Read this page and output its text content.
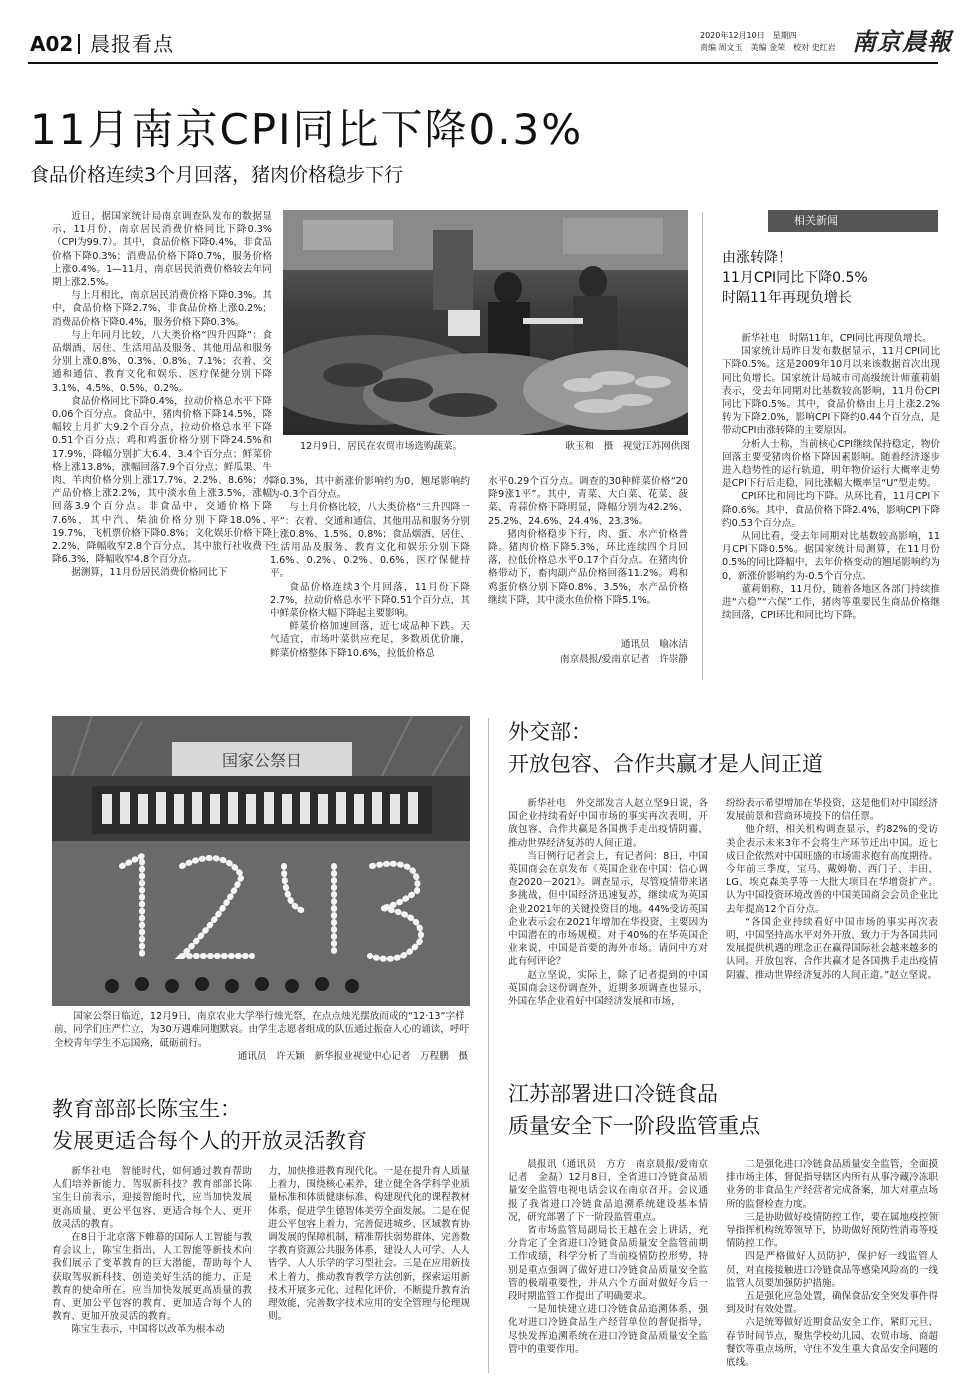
A02 晨报看点	2020年12月10日　星期四
责编 周文玉　美编 金荣　校对 史红岩 南京晨報
11月南京CPI同比下降0.3%
食品价格连续3个月回落，猪肉价格稳步下行

近日，据国家统计局南京调查队发布的数据显示，11月份，南京居民消费价格同比下降0.3%（CPI为99.7）。其中，食品价格下降0.4%，非食品价格下降0.3%；消费品价格下降0.7%，服务价格上涨0.4%。1—11月，南京居民消费价格较去年同期上涨2.5%。

与上月相比，南京居民消费价格下降0.3%。其中，食品价格下降2.7%，非食品价格上涨0.2%；消费品价格下降0.4%，服务价格下降0.3%。

与上年同月比较，八大类价格“四升四降”：食品烟酒、居住、生活用品及服务、其他用品和服务分别上涨0.8%、0.3%、0.8%、7.1%；衣着、交通和通信、教育文化和娱乐、医疗保健分别下降3.1%、4.5%、0.5%、0.2%。

食品价格同比下降0.4%，拉动价格总水平下降0.06个百分点。食品中，猪肉价格下降14.5%，降幅较上月扩大9.2个百分点，拉动价格总水平下降0.51个百分点；鸡和鸡蛋价格分别下降24.5%和17.9%，降幅分别扩大6.4、3.4个百分点；鲜菜价格上涨13.8%，涨幅回落7.9个百分点；鲜瓜果、牛肉、羊肉价格分别上涨17.7%、2.2%、8.6%；水产品价格上涨2.2%，其中淡水鱼上涨3.5%，涨幅回落3.9个百分点。非食品中，交通价格下降7.6%，其中汽、柴油价格分别下降18.0%、19.7%，飞机票价格下降0.8%；文化娱乐价格下降2.2%，降幅收窄2.8个百分点，其中旅行社收费下降6.3%，降幅收窄4.8个百分点。

据测算，11月份居民消费价格同比下

12月9日，居民在农贸市场选购蔬菜。	耿玉和　摄　视觉江苏网供图

降0.3%，其中新涨价影响约为0，翘尾影响约为-0.3个百分点。

与上月价格比较，八大类价格“三升四降一平”：衣着、交通和通信、其他用品和服务分别上涨0.8%、1.5%、0.8%；食品烟酒、居住、生活用品及服务、教育文化和娱乐分别下降1.6%、0.2%、0.2%、0.6%，医疗保健持平。

食品价格连续3个月回落，11月份下降2.7%，拉动价格总水平下降0.51个百分点，其中鲜菜价格大幅下降起主要影响。

鲜菜价格加速回落，近七成品种下跌。天气适宜，市场叶菜供应充足，多数质优价廉，鲜菜价格整体下降10.6%，拉低价格总

水平0.29个百分点。调查的30种鲜菜价格“20降9涨1平”。其中，青菜、大白菜、花菜、菠菜、青蒜价格下降明显，降幅分别为42.2%、25.2%、24.6%、24.4%、23.3%。

猪肉价格稳步下行，肉、蛋、水产价格普降。猪肉价格下降5.3%，环比连续四个月回落，拉低价格总水平0.17个百分点。在猪肉价格带动下，畜肉副产品价格回落11.2%。鸡和鸡蛋价格分别下降0.8%、3.5%，水产品价格继续下降，其中淡水鱼价格下降5.1%。

通讯员　喻冰洁
南京晨报/爱南京记者　许崇静
相关新闻
由涨转降！
11月CPI同比下降0.5%
时隔11年再现负增长

新华社电　时隔11年，CPI同比再现负增长。

国家统计局昨日发布数据显示，11月CPI同比下降0.5%。这是2009年10月以来该数据首次出现同比负增长。国家统计局城市司高级统计师董莉娟表示，受去年同期对比基数较高影响，11月份CPI同比下降0.5%。其中，食品价格由上月上涨2.2%转为下降2.0%，影响CPI下降约0.44个百分点，是带动CPI由涨转降的主要原因。

分析人士称，当前核心CPI继续保持稳定，物价回落主要受猪肉价格下降因素影响。随着经济逐步进入趋势性的运行轨道，明年物价运行大概率走势是CPI下行后走稳，同比涨幅大概率呈“U”型走势。

CPI环比和同比均下降。从环比看，11月CPI下降0.6%。其中，食品价格下降2.4%，影响CPI下降约0.53个百分点。

从同比看，受去年同期对比基数较高影响，11月CPI下降0.5%。据国家统计局测算，在11月份0.5%的同比降幅中，去年价格变动的翘尾影响约为0，新涨价影响约为-0.5个百分点。

董莉娟称，11月份，随着各地区各部门持续推进“六稳”“六保”工作，猪肉等重要民生商品价格继续回落，CPI环比和同比均下降。

国家公祭日
国家公祭日临近，12月9日，南京农业大学举行烛光祭，在点点烛光摆放而成的“12·13”字样前，同学们庄严伫立，为30万遇难同胞默哀。由学生志愿者组成的队伍通过振奋人心的诵读，呼吁全校青年学生不忘国殇，砥砺前行。
通讯员　许天颖　新华报业视觉中心记者　万程鹏　摄
外交部：
开放包容、合作共赢才是人间正道

新华社电　外交部发言人赵立坚9日说，各国企业持续看好中国市场的事实再次表明，开放包容、合作共赢是各国携手走出疫情阴霾、推动世界经济复苏的人间正道。

当日例行记者会上，有记者问：8日，中国英国商会在京发布《英国企业在中国：信心调查2020－2021》。调查显示，尽管疫情带来诸多挑战，但中国经济迅速复苏，继续成为英国企业2021年的关键投资目的地。44%受访英国企业表示会在2021年增加在华投资，主要因为中国潜在的市场规模。对于40%的在华英国企业来说，中国是首要的海外市场。请问中方对此有何评论？

赵立坚说，实际上，除了记者提到的中国英国商会这份调查外，近期多项调查也显示，外国在华企业看好中国经济发展和市场，

纷纷表示希望增加在华投资，这是他们对中国经济发展前景和营商环境投下的信任票。

他介绍，相关机构调查显示，约82%的受访美企表示未来3年不会将生产环节迁出中国。近七成日企依然对中国旺盛的市场需求抱有高度期待。今年前三季度，宝马、戴姆勒、西门子、丰田、LG、埃克森美孚等一大批大项目在华增资扩产。认为中国投资环境改善的中国美国商会会员企业比去年提高12个百分点。

“各国企业持续看好中国市场的事实再次表明，中国坚持高水平对外开放、致力于为各国共同发展提供机遇的理念正在赢得国际社会越来越多的认同。开放包容、合作共赢才是各国携手走出疫情阴霾、推动世界经济复苏的人间正道。”赵立坚说。

江苏部署进口冷链食品
质量安全下一阶段监管重点

晨报讯（通讯员　方方　南京晨报/爱南京记者　金磊）12月8日，全省进口冷链食品质量安全监管电视电话会议在南京召开。会议通报了我省进口冷链食品追溯系统建设基本情况，研究部署了下一阶段监管重点。

省市场监管局副局长王越在会上讲话，充分肯定了全省进口冷链食品质量安全监管前期工作成绩，科学分析了当前疫情防控形势，特别是重点强调了做好进口冷链食品质量安全监管的极端重要性，并从六个方面对做好今后一段时期监管工作提出了明确要求。

一是加快建立进口冷链食品追溯体系，强化对进口冷链食品生产经营单位的督促指导，尽快发挥追溯系统在进口冷链食品质量安全监管中的重要作用。

二是强化进口冷链食品质量安全监管，全面摸排市场主体，督促指导辖区内所有从事冷藏冷冻职业务的非食品生产经营者完成备案，加大对重点场所的监督检查力度。

三是协助做好疫情防控工作，要在属地疫控领导指挥机构统筹领导下，协助做好预防性消毒等疫情防控工作。

四是严格做好人员防护，保护好一线监管人员，对直接接触进口冷链食品等感染风险高的一线监管人员要加强防护措施。

五是强化应急处置，确保食品安全突发事件得到及时有效处置。

六是统筹做好近期食品安全工作，紧盯元旦、春节时间节点，聚焦学校幼儿园、农贸市场、商超餐饮等重点场所，守住不发生重大食品安全问题的底线。

教育部部长陈宝生：
发展更适合每个人的开放灵活教育

新华社电　智能时代，如何通过教育帮助人们培养新能力、驾驭新科技？教育部部长陈宝生日前表示，迎接智能时代，应当加快发展更高质量、更公平包容、更适合每个人、更开放灵活的教育。

在8日于北京落下帷幕的国际人工智能与教育会议上，陈宝生指出，人工智能等新技术向我们展示了变革教育的巨大潜能，帮助每个人获取驾驭新科技、创造美好生活的能力，正是教育的使命所在。应当加快发展更高质量的教育、更加公平包容的教育、更加适合每个人的教育、更加开放灵活的教育。

陈宝生表示，中国将以改革为根本动

力，加快推进教育现代化。一是在提升育人质量上着力，围绕核心素养，建立健全各学科学业质量标准和体质健康标准，构建现代化的课程教材体系，促进学生德智体美劳全面发展。二是在促进公平包容上着力，完善促进城乡、区域教育协调发展的保障机制，精准帮扶弱势群体，完善数字教育资源公共服务体系，建设人人可学、人人皆学、人人乐学的学习型社会。三是在应用新技术上着力，推动教育教学方法创新，探索运用新技术开展多元化、过程化评价，不断提升教育治理效能，完善数字技术应用的安全管理与伦理规则。
